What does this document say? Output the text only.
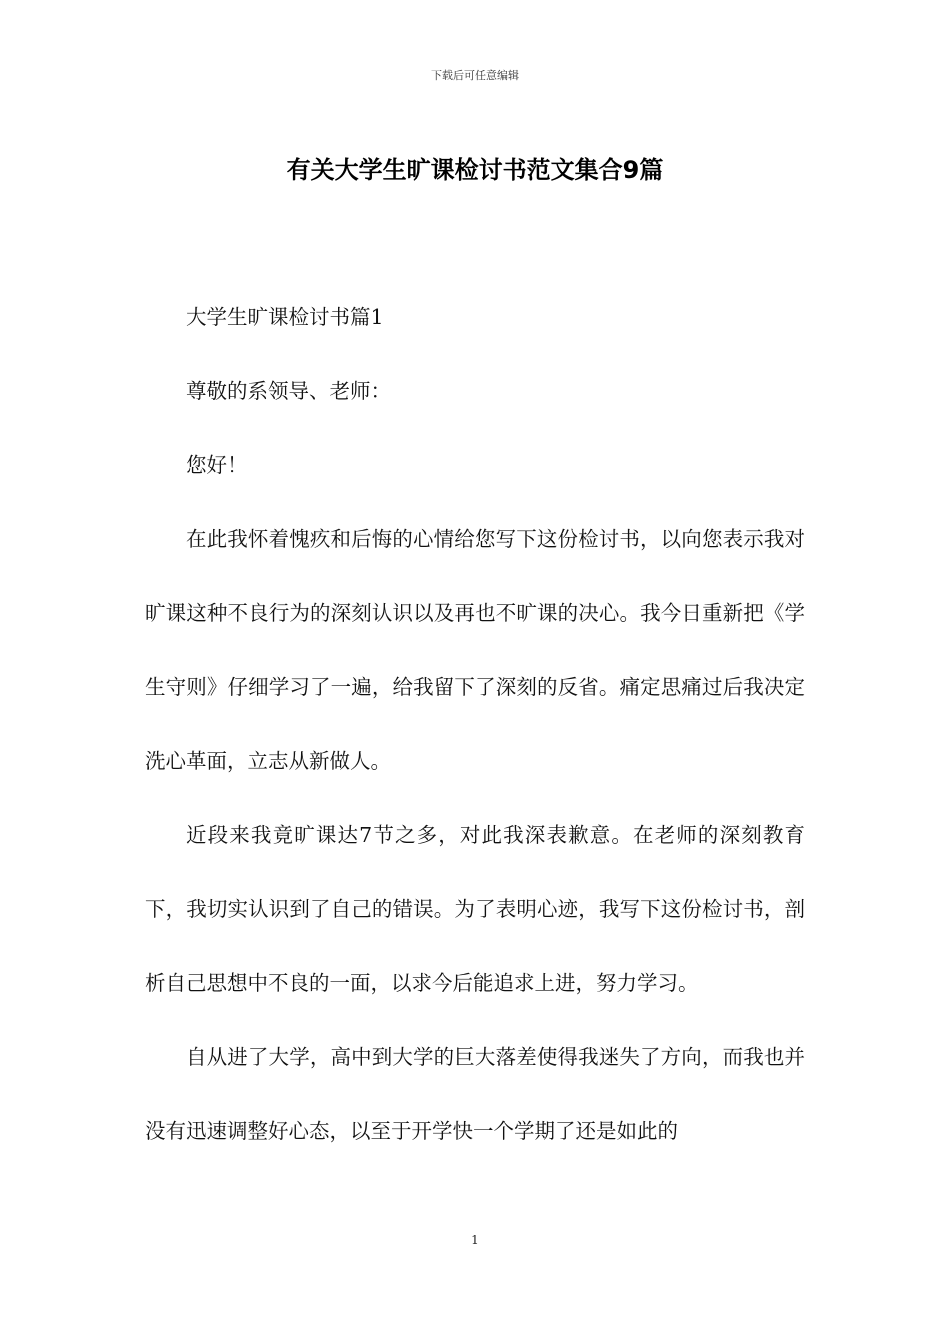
下载后可任意编辑
有关大学生旷课检讨书范文集合9篇

大学生旷课检讨书篇1

尊敬的系领导、老师：

您好！

在此我怀着愧疚和后悔的心情给您写下这份检讨书，以向您表示我对旷课这种不良行为的深刻认识以及再也不旷课的决心。我今日重新把《学生守则》仔细学习了一遍，给我留下了深刻的反省。痛定思痛过后我决定洗心革面，立志从新做人。

近段来我竟旷课达7节之多，对此我深表歉意。在老师的深刻教育下，我切实认识到了自己的错误。为了表明心迹，我写下这份检讨书，剖析自己思想中不良的一面，以求今后能追求上进，努力学习。

自从进了大学，高中到大学的巨大落差使得我迷失了方向，而我也并没有迅速调整好心态，以至于开学快一个学期了还是如此的

1
